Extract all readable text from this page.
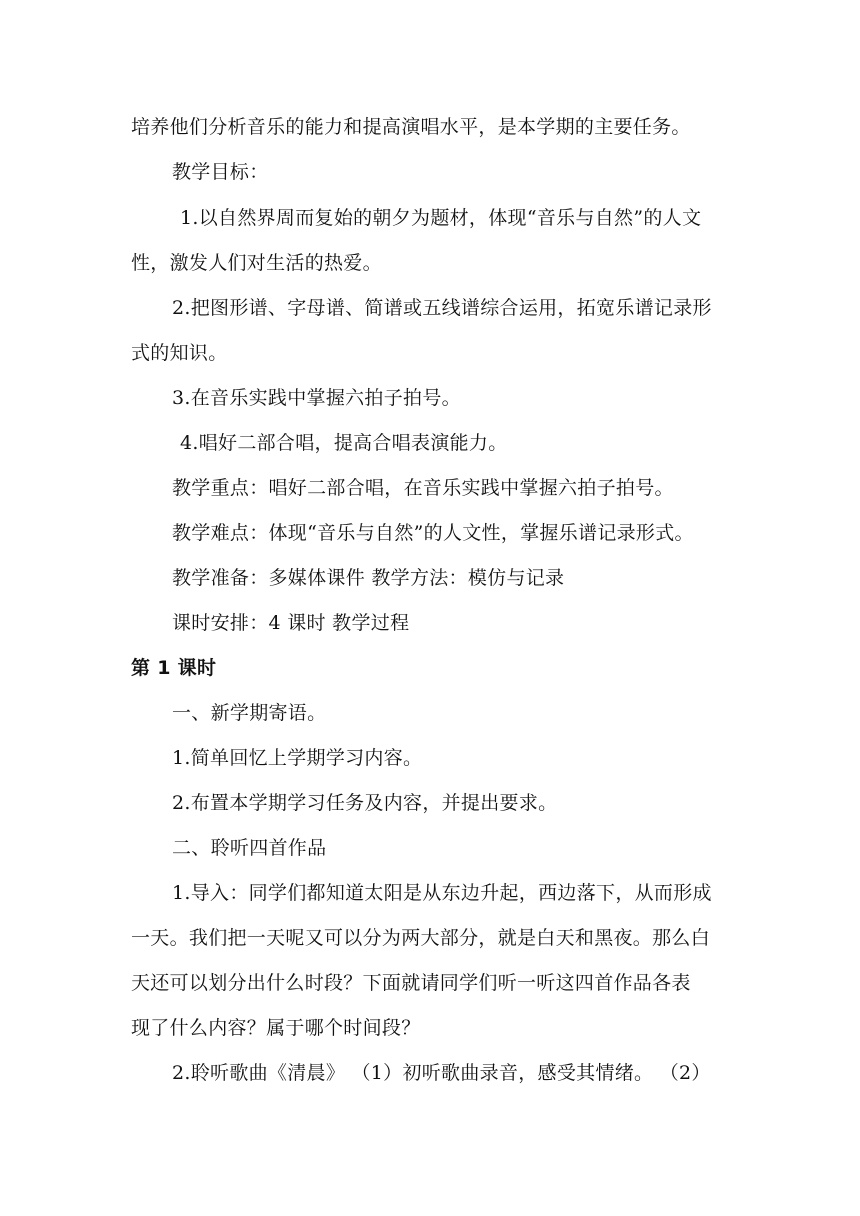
培养他们分析音乐的能力和提高演唱水平，是本学期的主要任务。
教学目标：
1.以自然界周而复始的朝夕为题材，体现“音乐与自然”的人文
性，激发人们对生活的热爱。
2.把图形谱、字母谱、简谱或五线谱综合运用，拓宽乐谱记录形
式的知识。
3.在音乐实践中掌握六拍子拍号。
4.唱好二部合唱，提高合唱表演能力。
教学重点：唱好二部合唱，在音乐实践中掌握六拍子拍号。
教学难点：体现“音乐与自然”的人文性，掌握乐谱记录形式。
教学准备：多媒体课件 教学方法：模仿与记录
课时安排：4 课时 教学过程
第 1 课时
一、新学期寄语。
1.简单回忆上学期学习内容。
2.布置本学期学习任务及内容，并提出要求。
二、聆听四首作品
1.导入：同学们都知道太阳是从东边升起，西边落下，从而形成
一天。我们把一天呢又可以分为两大部分，就是白天和黑夜。那么白
天还可以划分出什么时段？下面就请同学们听一听这四首作品各表
现了什么内容？属于哪个时间段？
2.聆听歌曲《清晨》 （1）初听歌曲录音，感受其情绪。 （2）
